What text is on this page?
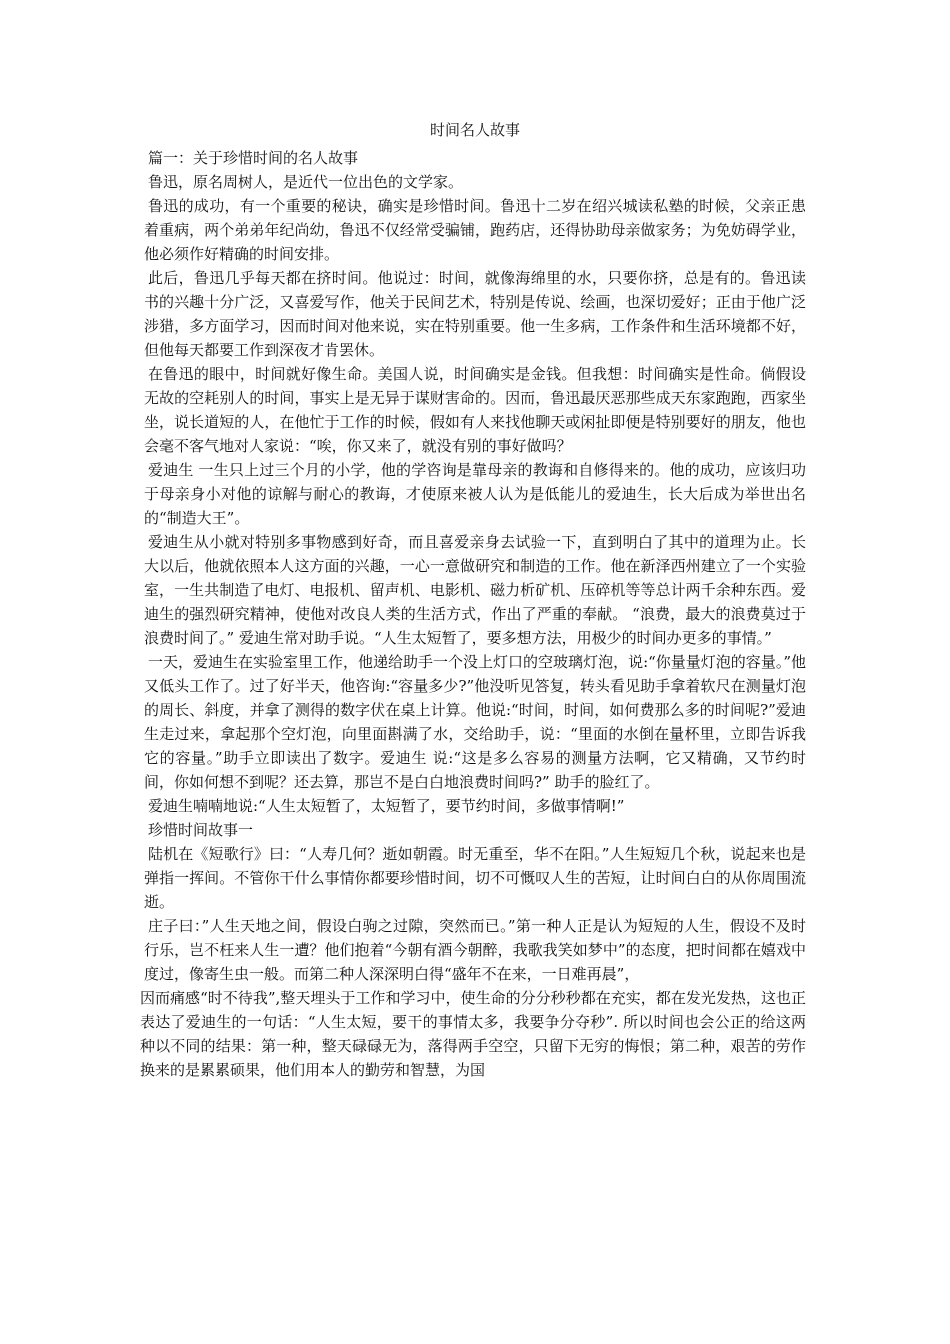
时间名人故事

篇一：关于珍惜时间的名人故事

鲁迅，原名周树人，是近代一位出色的文学家。

鲁迅的成功，有一个重要的秘诀，确实是珍惜时间。鲁迅十二岁在绍兴城读私塾的时候，父亲正患着重病，两个弟弟年纪尚幼，鲁迅不仅经常受骗铺，跑药店，还得协助母亲做家务；为免妨碍学业，他必须作好精确的时间安排。

此后，鲁迅几乎每天都在挤时间。他说过：时间，就像海绵里的水，只要你挤，总是有的。鲁迅读书的兴趣十分广泛，又喜爱写作，他关于民间艺术，特别是传说、绘画，也深切爱好；正由于他广泛涉猎，多方面学习，因而时间对他来说，实在特别重要。他一生多病，工作条件和生活环境都不好，但他每天都要工作到深夜才肯罢休。

在鲁迅的眼中，时间就好像生命。美国人说，时间确实是金钱。但我想：时间确实是性命。倘假设无故的空耗别人的时间，事实上是无异于谋财害命的。因而，鲁迅最厌恶那些成天东家跑跑，西家坐坐，说长道短的人，在他忙于工作的时候，假如有人来找他聊天或闲扯即便是特别要好的朋友，他也会毫不客气地对人家说：“唉，你又来了，就没有别的事好做吗？

爱迪生 一生只上过三个月的小学，他的学咨询是靠母亲的教诲和自修得来的。他的成功，应该归功于母亲身小对他的谅解与耐心的教诲，才使原来被人认为是低能儿的爱迪生，长大后成为举世出名的“制造大王”。

爱迪生从小就对特别多事物感到好奇，而且喜爱亲身去试验一下，直到明白了其中的道理为止。长大以后，他就依照本人这方面的兴趣，一心一意做研究和制造的工作。他在新泽西州建立了一个实验室，一生共制造了电灯、电报机、留声机、电影机、磁力析矿机、压碎机等等总计两千余种东西。爱迪生的强烈研究精神，使他对改良人类的生活方式，作出了严重的奉献。 “浪费，最大的浪费莫过于浪费时间了。” 爱迪生常对助手说。“人生太短暂了，要多想方法，用极少的时间办更多的事情。”

一天，爱迪生在实验室里工作，他递给助手一个没上灯口的空玻璃灯泡，说:“你量量灯泡的容量。”他又低头工作了。过了好半天，他咨询:“容量多少?”他没听见答复，转头看见助手拿着软尺在测量灯泡的周长、斜度，并拿了测得的数字伏在桌上计算。他说:“时间，时间，如何费那么多的时间呢?”爱迪生走过来，拿起那个空灯泡，向里面斟满了水，交给助手，说：“里面的水倒在量杯里，立即告诉我它的容量。”助手立即读出了数字。爱迪生 说:“这是多么容易的测量方法啊，它又精确，又节约时间，你如何想不到呢？还去算，那岂不是白白地浪费时间吗?” 助手的脸红了。

爱迪生喃喃地说:“人生太短暂了，太短暂了，要节约时间，多做事情啊!”

珍惜时间故事一

陆机在《短歌行》曰：“人寿几何？逝如朝霞。时无重至，华不在阳。”人生短短几个秋，说起来也是弹指一挥间。不管你干什么事情你都要珍惜时间，切不可慨叹人生的苦短，让时间白白的从你周围流逝。

庄子曰：”人生天地之间，假设白驹之过隙，突然而已。”第一种人正是认为短短的人生，假设不及时行乐，岂不枉来人生一遭？他们抱着“今朝有酒今朝醉，我歌我笑如梦中”的态度，把时间都在嬉戏中度过，像寄生虫一般。而第二种人深深明白得“盛年不在来，一日难再晨”，

因而痛感“时不待我”,整天埋头于工作和学习中，使生命的分分秒秒都在充实，都在发光发热，这也正表达了爱迪生的一句话：“人生太短，要干的事情太多，我要争分夺秒”. 所以时间也会公正的给这两种以不同的结果：第一种，整天碌碌无为，落得两手空空，只留下无穷的悔恨；第二种，艰苦的劳作换来的是累累硕果，他们用本人的勤劳和智慧，为国
